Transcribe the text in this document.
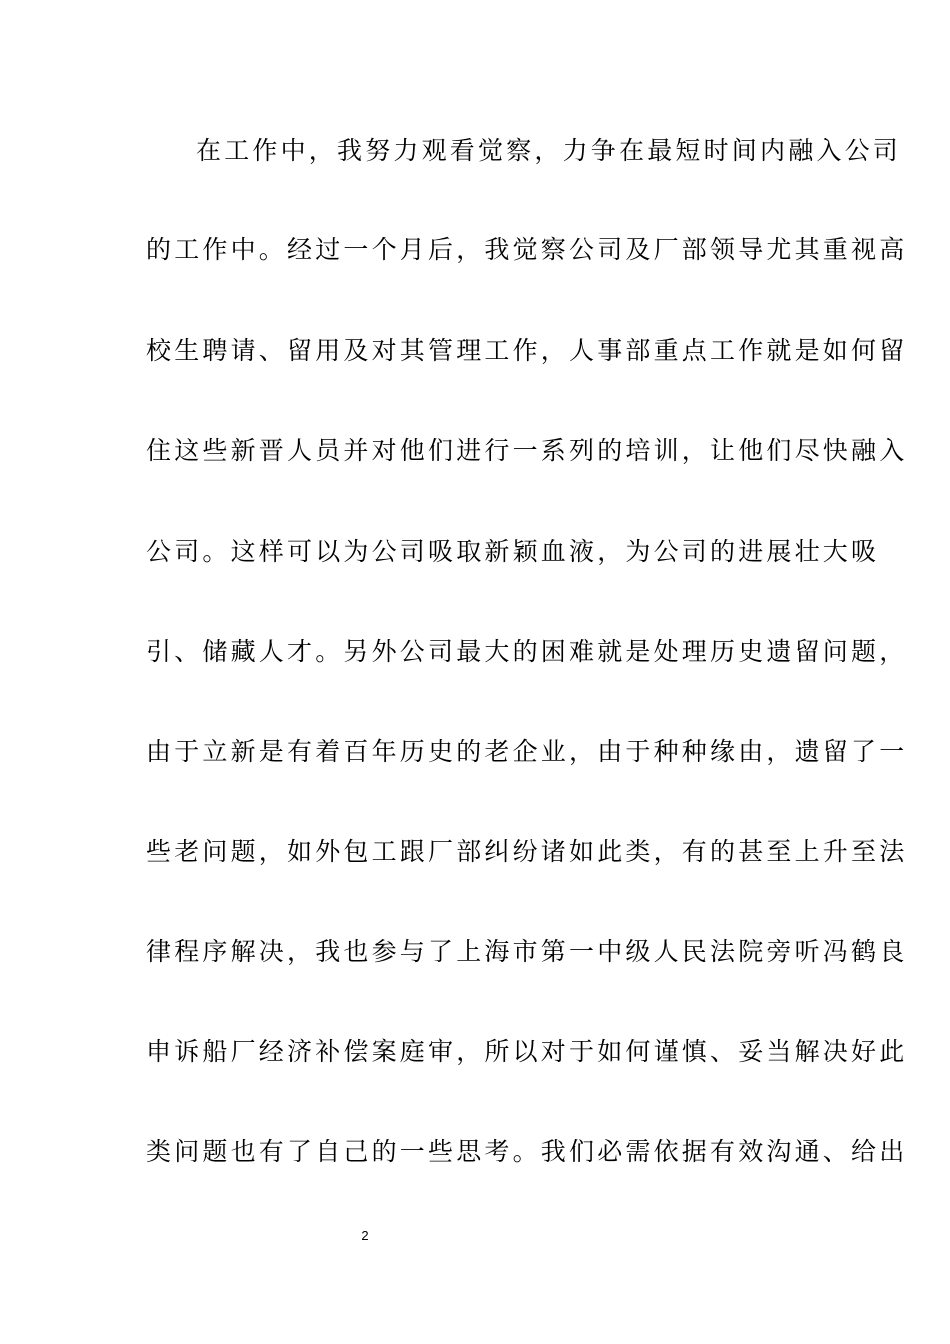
在工作中，我努力观看觉察，力争在最短时间内融入公司
的工作中。经过一个月后，我觉察公司及厂部领导尤其重视高
校生聘请、留用及对其管理工作，人事部重点工作就是如何留
住这些新晋人员并对他们进行一系列的培训，让他们尽快融入
公司。这样可以为公司吸取新颖血液，为公司的进展壮大吸
引、储藏人才。另外公司最大的困难就是处理历史遗留问题，
由于立新是有着百年历史的老企业，由于种种缘由，遗留了一
些老问题，如外包工跟厂部纠纷诸如此类，有的甚至上升至法
律程序解决，我也参与了上海市第一中级人民法院旁听冯鹤良
申诉船厂经济补偿案庭审，所以对于如何谨慎、妥当解决好此
类问题也有了自己的一些思考。我们必需依据有效沟通、给出
2
